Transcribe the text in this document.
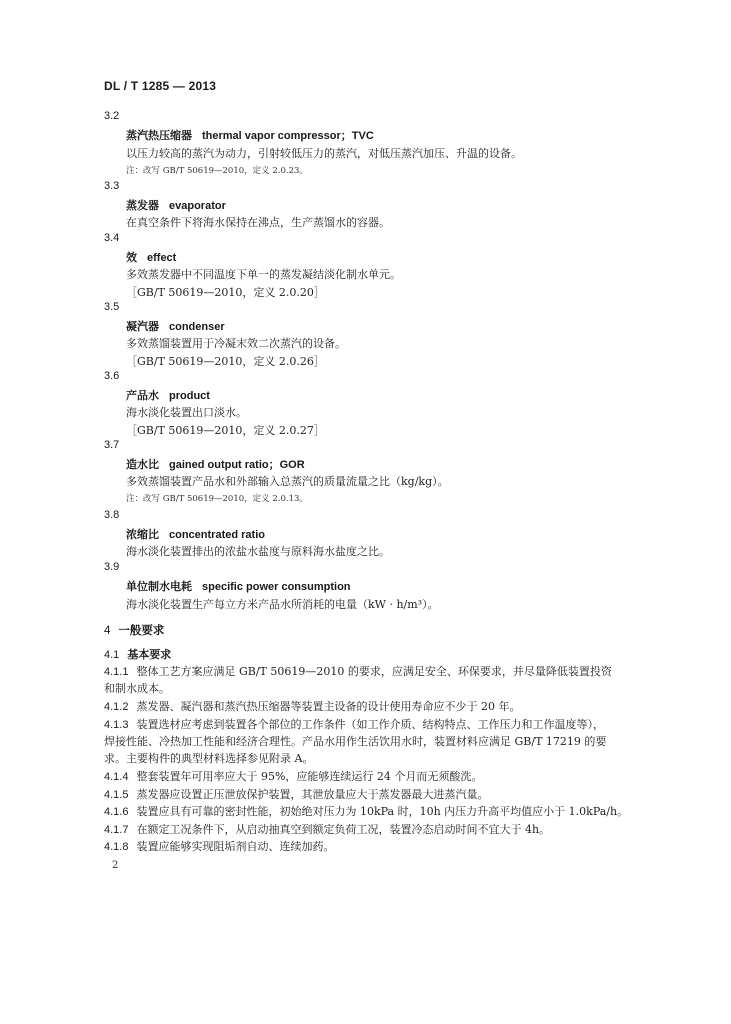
DL / T 1285 — 2013
3.2
蒸汽热压缩器 thermal vapor compressor；TVC
以压力较高的蒸汽为动力，引射较低压力的蒸汽，对低压蒸汽加压、升温的设备。
注：改写 GB/T 50619—2010，定义 2.0.23。
3.3
蒸发器 evaporator
在真空条件下将海水保持在沸点，生产蒸馏水的容器。
3.4
效 effect
多效蒸发器中不同温度下单一的蒸发凝结淡化制水单元。
［GB/T 50619—2010，定义 2.0.20］
3.5
凝汽器 condenser
多效蒸馏装置用于冷凝末效二次蒸汽的设备。
［GB/T 50619—2010，定义 2.0.26］
3.6
产品水 product
海水淡化装置出口淡水。
［GB/T 50619—2010，定义 2.0.27］
3.7
造水比 gained output ratio；GOR
多效蒸馏装置产品水和外部输入总蒸汽的质量流量之比（kg/kg）。
注：改写 GB/T 50619—2010，定义 2.0.13。
3.8
浓缩比 concentrated ratio
海水淡化装置排出的浓盐水盐度与原料海水盐度之比。
3.9
单位制水电耗 specific power consumption
海水淡化装置生产每立方米产品水所消耗的电量（kW · h/m³）。
4 一般要求
4.1 基本要求
4.1.1 整体工艺方案应满足 GB/T 50619—2010 的要求，应满足安全、环保要求，并尽量降低装置投资
和制水成本。
4.1.2 蒸发器、凝汽器和蒸汽热压缩器等装置主设备的设计使用寿命应不少于 20 年。
4.1.3 装置选材应考虑到装置各个部位的工作条件（如工作介质、结构特点、工作压力和工作温度等），
焊接性能、冷热加工性能和经济合理性。产品水用作生活饮用水时，装置材料应满足 GB/T 17219 的要
求。主要构件的典型材料选择参见附录 A。
4.1.4 整套装置年可用率应大于 95%，应能够连续运行 24 个月而无须酸洗。
4.1.5 蒸发器应设置正压泄放保护装置，其泄放量应大于蒸发器最大进蒸汽量。
4.1.6 装置应具有可靠的密封性能，初始绝对压力为 10kPa 时，10h 内压力升高平均值应小于 1.0kPa/h。
4.1.7 在额定工况条件下，从启动抽真空到额定负荷工况，装置冷态启动时间不宜大于 4h。
4.1.8 装置应能够实现阻垢剂自动、连续加药。
2
